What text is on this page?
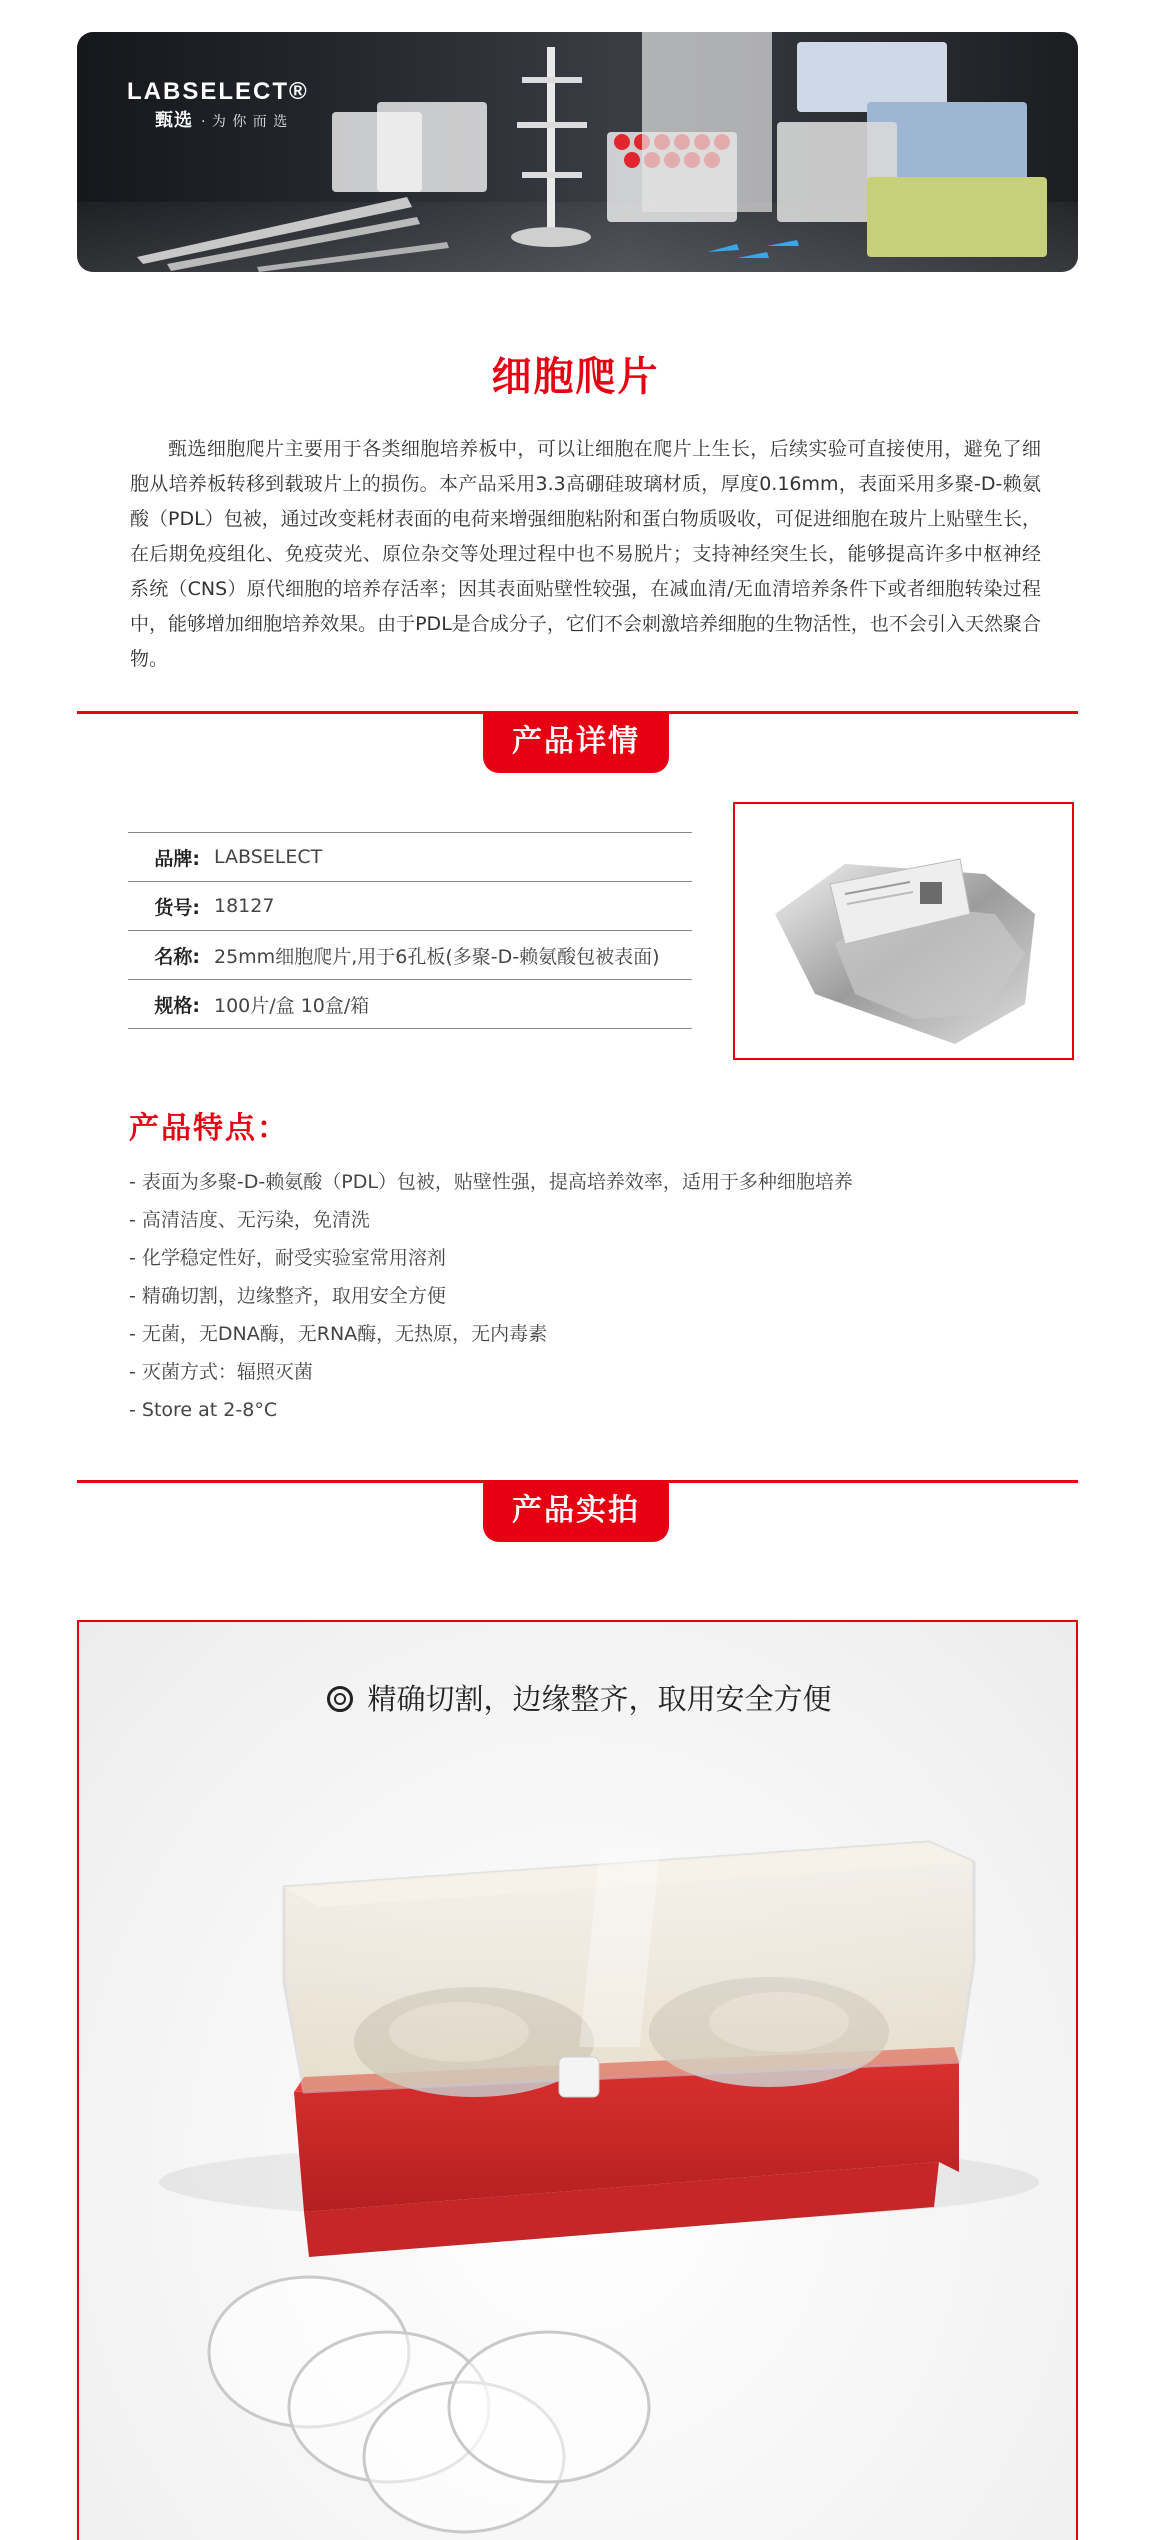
LABSELECT®
甄选 · 为 你 而 选
细胞爬片
甄选细胞爬片主要用于各类细胞培养板中，可以让细胞在爬片上生长，后续实验可直接使用，避免了细胞从培养板转移到载玻片上的损伤。本产品采用3.3高硼硅玻璃材质，厚度0.16mm，表面采用多聚-D-赖氨酸（PDL）包被，通过改变耗材表面的电荷来增强细胞粘附和蛋白物质吸收，可促进细胞在玻片上贴壁生长，在后期免疫组化、免疫荧光、原位杂交等处理过程中也不易脱片；支持神经突生长，能够提高许多中枢神经系统（CNS）原代细胞的培养存活率；因其表面贴壁性较强，在减血清/无血清培养条件下或者细胞转染过程中，能够增加细胞培养效果。由于PDL是合成分子，它们不会刺激培养细胞的生物活性，也不会引入天然聚合物。
产品详情
品牌: LABSELECT
货号: 18127
名称: 25mm细胞爬片,用于6孔板(多聚-D-赖氨酸包被表面)
规格: 100片/盒 10盒/箱
产品特点：
- 表面为多聚-D-赖氨酸（PDL）包被，贴壁性强，提高培养效率，适用于多种细胞培养
- 高清洁度、无污染，免清洗
- 化学稳定性好，耐受实验室常用溶剂
- 精确切割，边缘整齐，取用安全方便
- 无菌，无DNA酶，无RNA酶，无热原，无内毒素
- 灭菌方式：辐照灭菌
- Store at 2-8°C
产品实拍
精确切割，边缘整齐，取用安全方便
